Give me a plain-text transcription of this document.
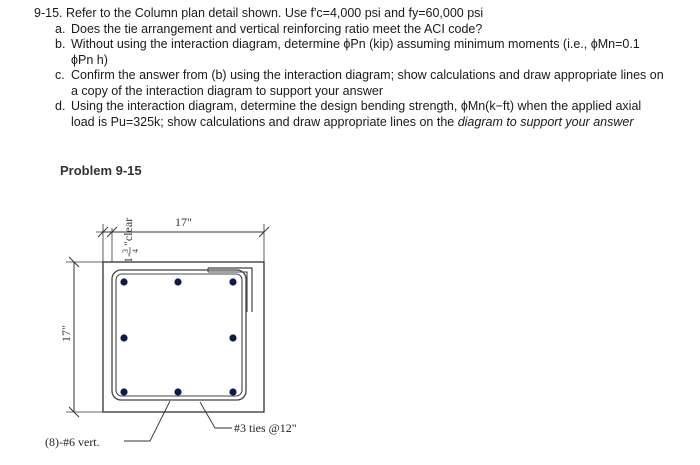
9-15. Refer to the Column plan detail shown. Use f'c=4,000 psi and fy=60,000 psi
a. Does the tie arrangement and vertical reinforcing ratio meet the ACI code?
b. Without using the interaction diagram, determine ϕPn (kip) assuming minimum moments (i.e., ϕMn=0.1 ϕPn h)
c. Confirm the answer from (b) using the interaction diagram; show calculations and draw appropriate lines on a copy of the interaction diagram to support your answer
d. Using the interaction diagram, determine the design bending strength, ϕMn(k−ft) when the applied axial load is Pu=325k; show calculations and draw appropriate lines on the diagram to support your answer
Problem 9-15
17"
17"
1-
3 4
"clear
(8)-#6 vert.
#3 ties @12"
